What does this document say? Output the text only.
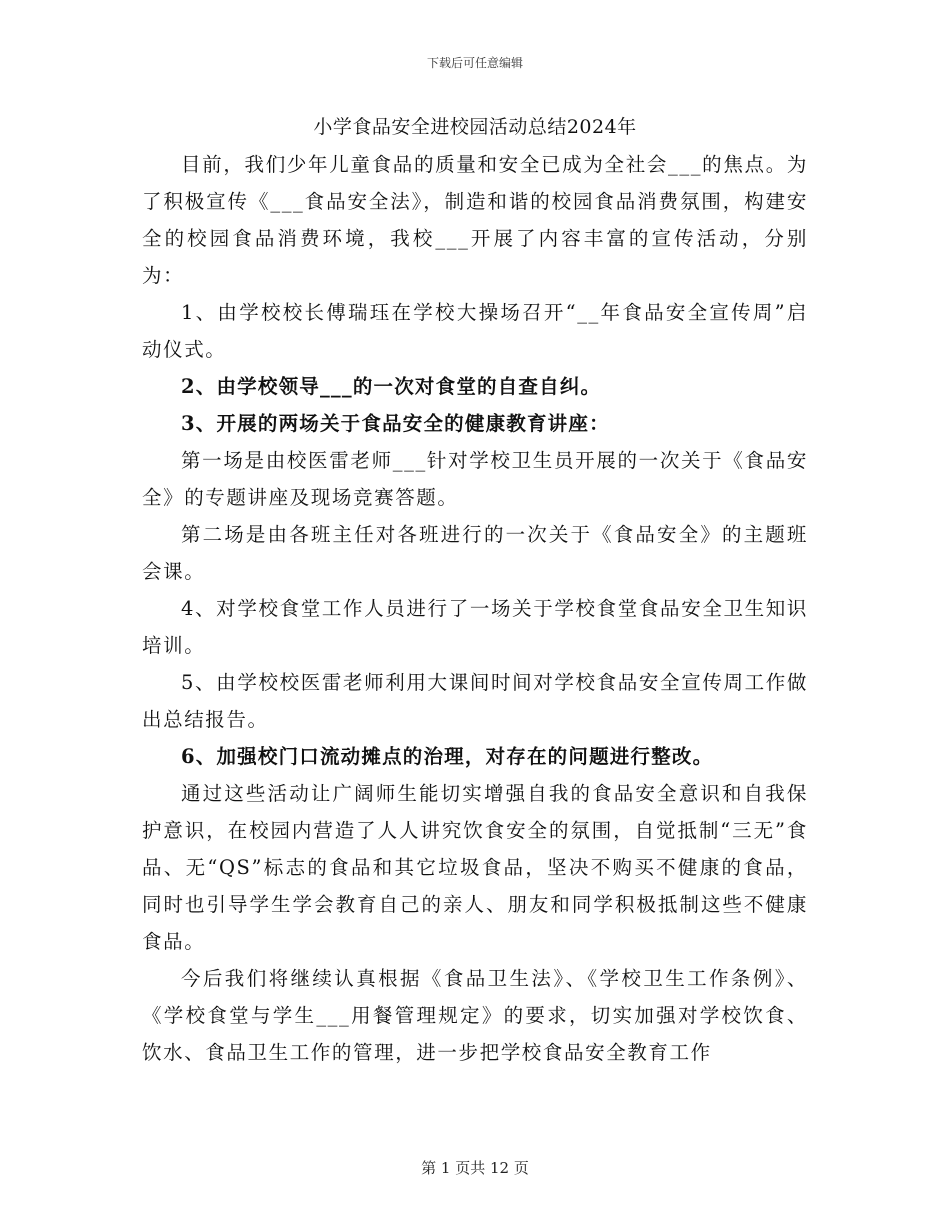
下载后可任意编辑
小学食品安全进校园活动总结2024年

目前，我们少年儿童食品的质量和安全已成为全社会___的焦点。为了积极宣传《___食品安全法》，制造和谐的校园食品消费氛围，构建安全的校园食品消费环境，我校___开展了内容丰富的宣传活动，分别为：

1、由学校校长傅瑞珏在学校大操场召开“__年食品安全宣传周”启动仪式。

2、由学校领导___的一次对食堂的自查自纠。

3、开展的两场关于食品安全的健康教育讲座：

第一场是由校医雷老师___针对学校卫生员开展的一次关于《食品安全》的专题讲座及现场竞赛答题。

第二场是由各班主任对各班进行的一次关于《食品安全》的主题班会课。

4、对学校食堂工作人员进行了一场关于学校食堂食品安全卫生知识培训。

5、由学校校医雷老师利用大课间时间对学校食品安全宣传周工作做出总结报告。

6、加强校门口流动摊点的治理，对存在的问题进行整改。

通过这些活动让广阔师生能切实增强自我的食品安全意识和自我保护意识，在校园内营造了人人讲究饮食安全的氛围，自觉抵制“三无”食品、无“QS”标志的食品和其它垃圾食品，坚决不购买不健康的食品，同时也引导学生学会教育自己的亲人、朋友和同学积极抵制这些不健康食品。

今后我们将继续认真根据《食品卫生法》、《学校卫生工作条例》、《学校食堂与学生___用餐管理规定》的要求，切实加强对学校饮食、饮水、食品卫生工作的管理，进一步把学校食品安全教育工作

第 1 页共 12 页
